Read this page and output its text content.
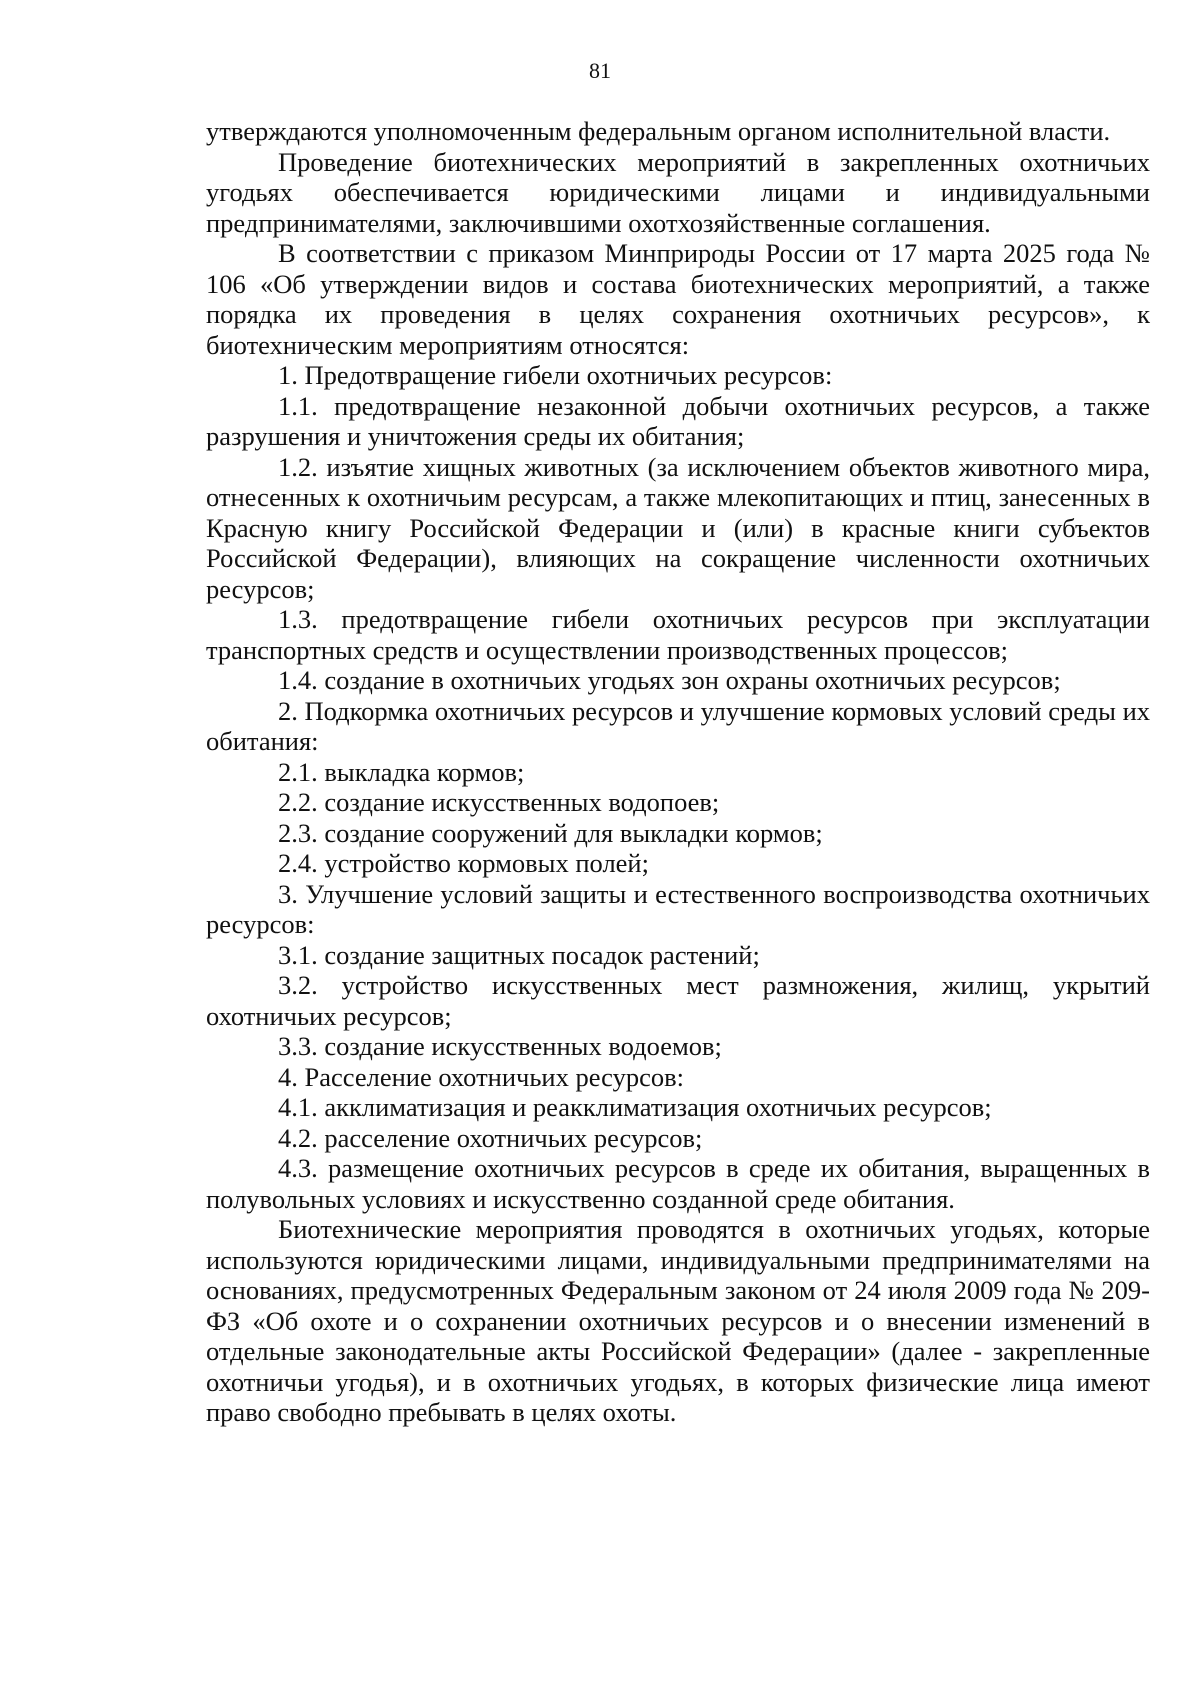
81

утверждаются уполномоченным федеральным органом исполнительной власти.

Проведение биотехнических мероприятий в закрепленных охотничьих угодьях обеспечивается юридическими лицами и индивидуальными предпринимателями, заключившими охотхозяйственные соглашения.

В соответствии с приказом Минприроды России от 17 марта 2025 года № 106 «Об утверждении видов и состава биотехнических мероприятий, а также порядка их проведения в целях сохранения охотничьих ресурсов», к биотехническим мероприятиям относятся:

1. Предотвращение гибели охотничьих ресурсов:

1.1. предотвращение незаконной добычи охотничьих ресурсов, а также разрушения и уничтожения среды их обитания;

1.2. изъятие хищных животных (за исключением объектов животного мира, отнесенных к охотничьим ресурсам, а также млекопитающих и птиц, занесенных в Красную книгу Российской Федерации и (или) в красные книги субъектов Российской Федерации), влияющих на сокращение численности охотничьих ресурсов;

1.3. предотвращение гибели охотничьих ресурсов при эксплуатации транспортных средств и осуществлении производственных процессов;

1.4. создание в охотничьих угодьях зон охраны охотничьих ресурсов;

2. Подкормка охотничьих ресурсов и улучшение кормовых условий среды их обитания:

2.1. выкладка кормов;

2.2. создание искусственных водопоев;

2.3. создание сооружений для выкладки кормов;

2.4. устройство кормовых полей;

3. Улучшение условий защиты и естественного воспроизводства охотничьих ресурсов:

3.1. создание защитных посадок растений;

3.2. устройство искусственных мест размножения, жилищ, укрытий охотничьих ресурсов;

3.3. создание искусственных водоемов;

4. Расселение охотничьих ресурсов:

4.1. акклиматизация и реакклиматизация охотничьих ресурсов;

4.2. расселение охотничьих ресурсов;

4.3. размещение охотничьих ресурсов в среде их обитания, выращенных в полувольных условиях и искусственно созданной среде обитания.

Биотехнические мероприятия проводятся в охотничьих угодьях, которые используются юридическими лицами, индивидуальными предпринимателями на основаниях, предусмотренных Федеральным законом от 24 июля 2009 года № 209-ФЗ «Об охоте и о сохранении охотничьих ресурсов и о внесении изменений в отдельные законодательные акты Российской Федерации» (далее - закрепленные охотничьи угодья), и в охотничьих угодьях, в которых физические лица имеют право свободно пребывать в целях охоты.
